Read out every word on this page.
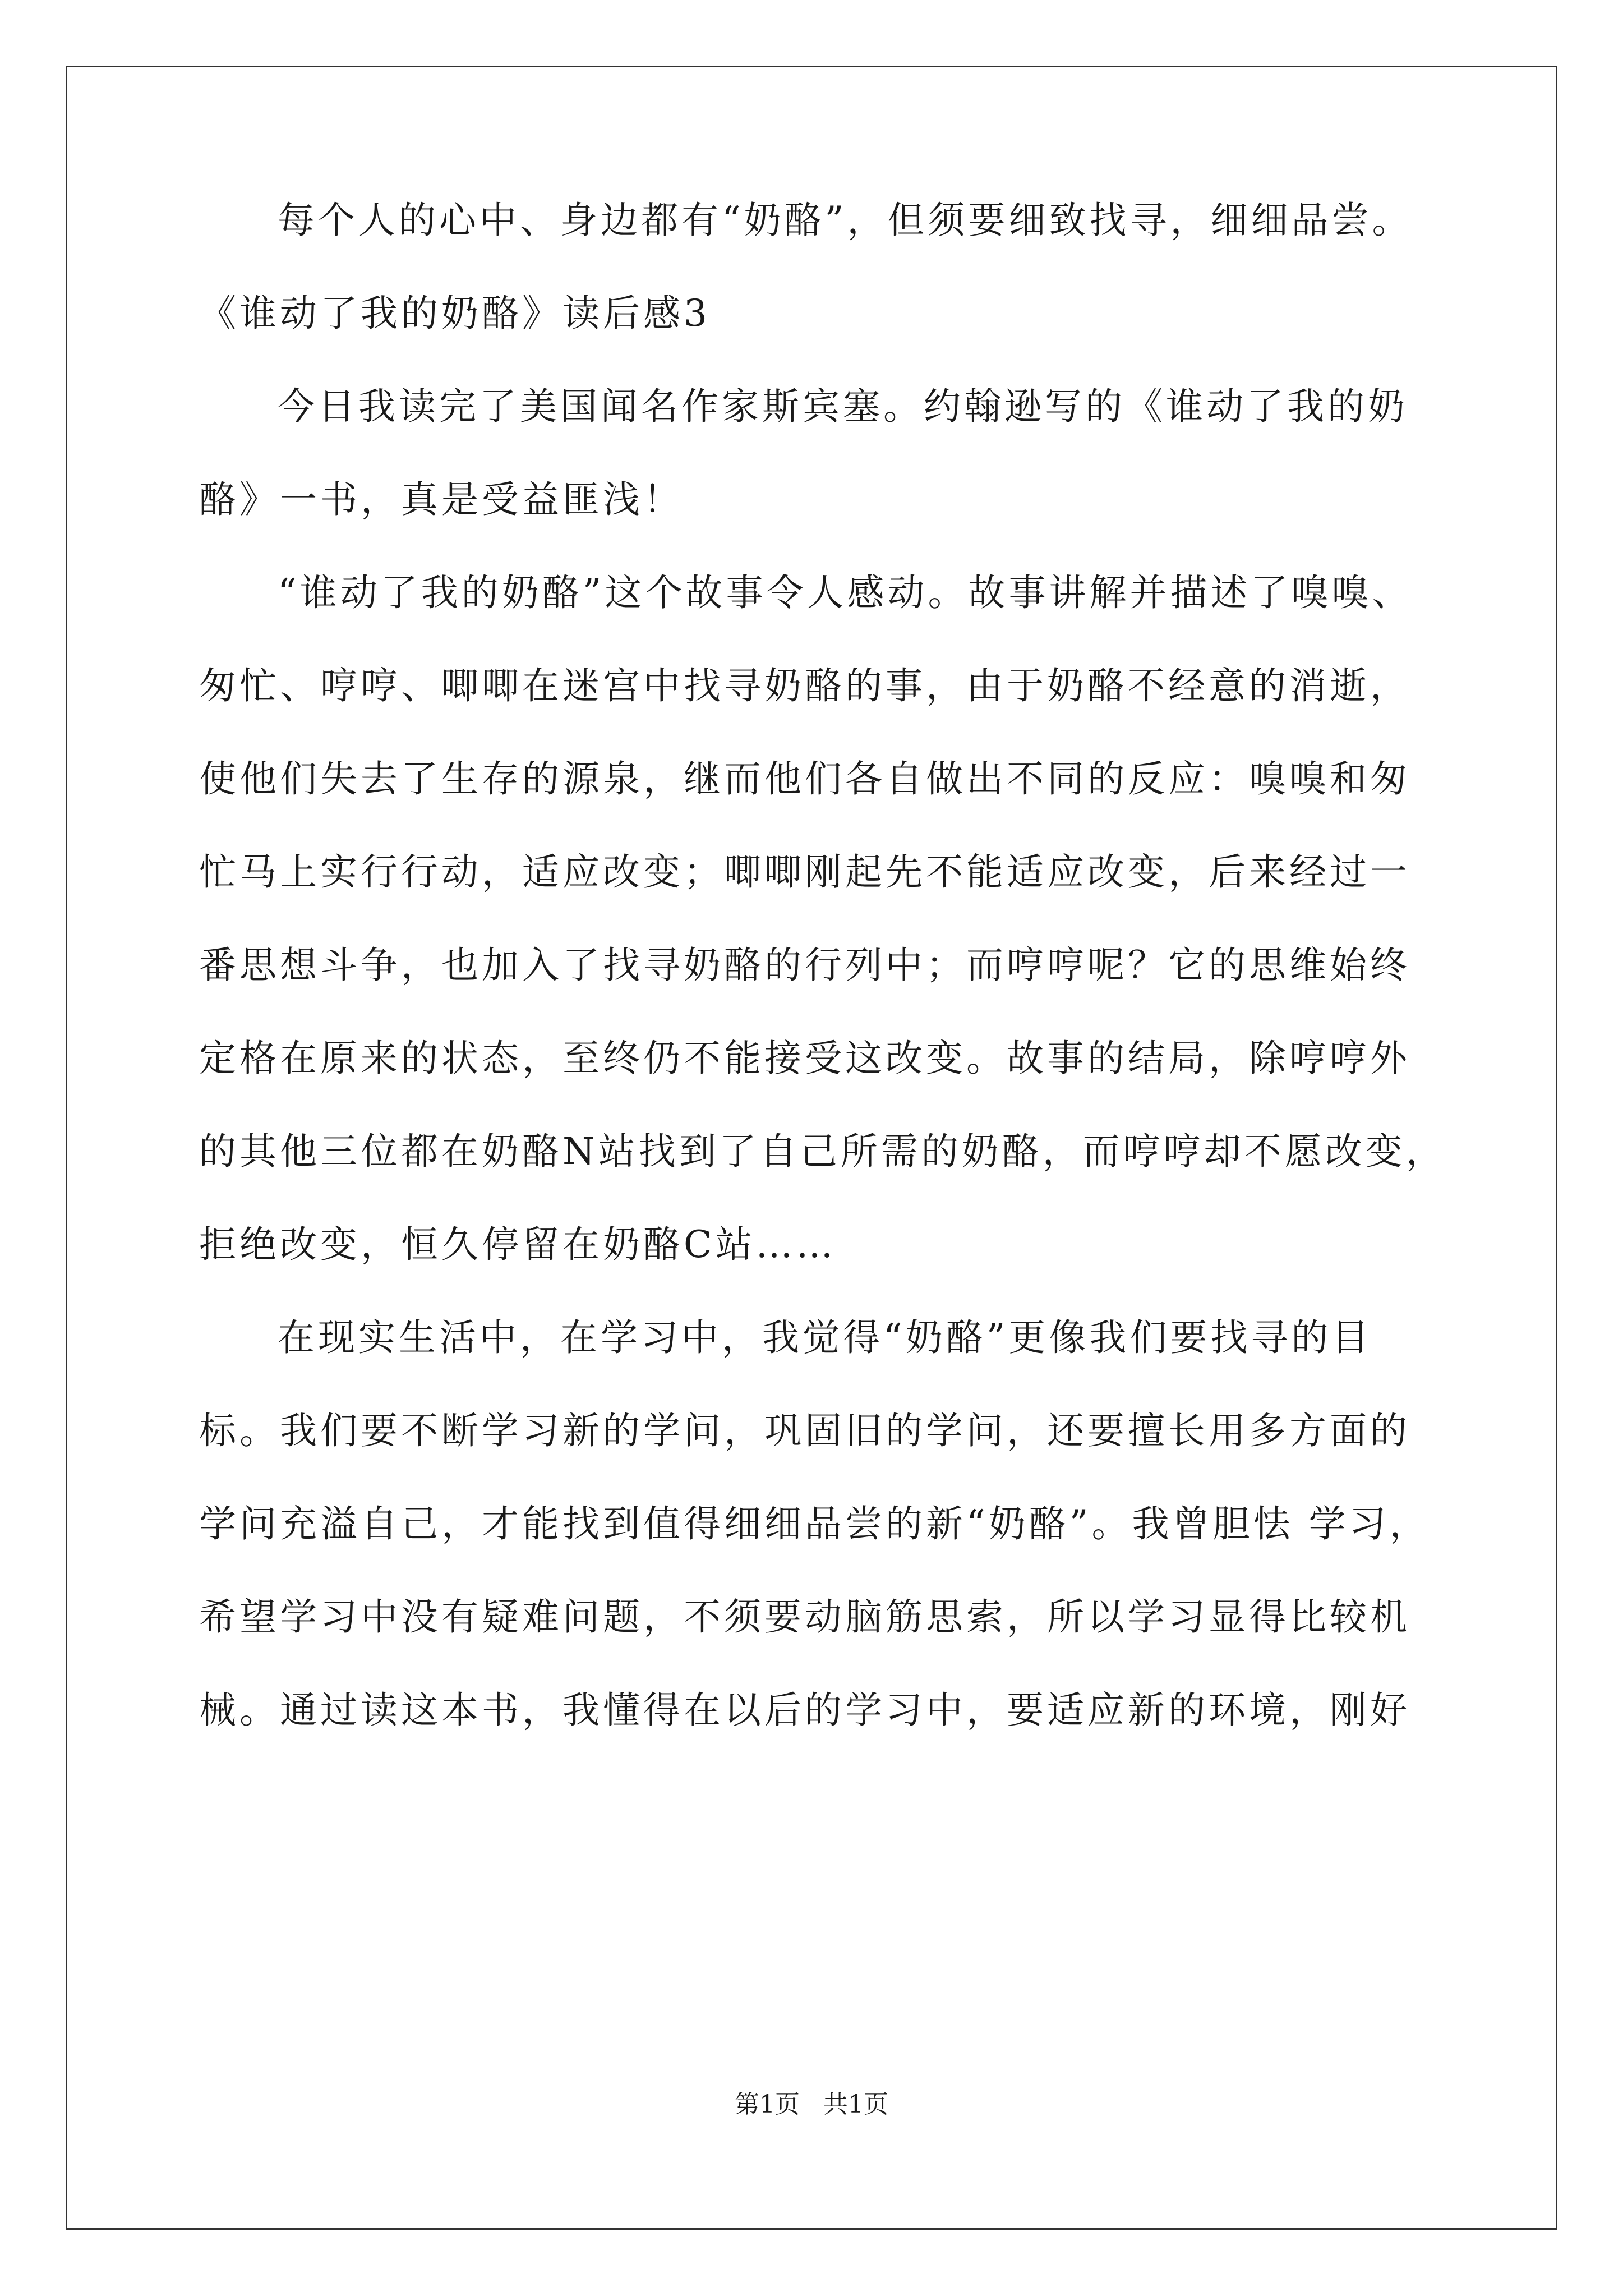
每个人的心中、身边都有“奶酪”，但须要细致找寻，细细品尝。
《谁动了我的奶酪》读后感3
今日我读完了美国闻名作家斯宾塞。约翰逊写的《谁动了我的奶
酪》一书，真是受益匪浅！
“谁动了我的奶酪”这个故事令人感动。故事讲解并描述了嗅嗅、
匆忙、哼哼、唧唧在迷宫中找寻奶酪的事，由于奶酪不经意的消逝，
使他们失去了生存的源泉，继而他们各自做出不同的反应：嗅嗅和匆
忙马上实行行动，适应改变；唧唧刚起先不能适应改变，后来经过一
番思想斗争，也加入了找寻奶酪的行列中；而哼哼呢？它的思维始终
定格在原来的状态，至终仍不能接受这改变。故事的结局，除哼哼外
的其他三位都在奶酪N站找到了自己所需的奶酪，而哼哼却不愿改变，
拒绝改变，恒久停留在奶酪C站……
在现实生活中，在学习中，我觉得“奶酪”更像我们要找寻的目
标。我们要不断学习新的学问，巩固旧的学问，还要擅长用多方面的
学问充溢自己，才能找到值得细细品尝的新“奶酪”。我曾胆怯 学习，
希望学习中没有疑难问题，不须要动脑筋思索，所以学习显得比较机
械。通过读这本书，我懂得在以后的学习中，要适应新的环境，刚好
第1页   共1页
